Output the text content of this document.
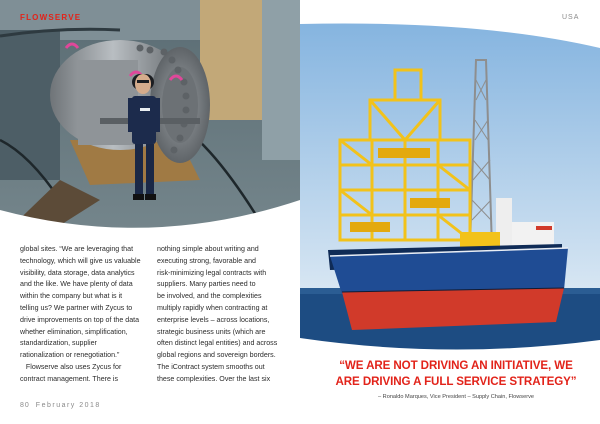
FLOWSERVE	USA
global sites. “We are leveraging that
technology, which will give us valuable
visibility, data storage, data analytics
and the like. We have plenty of data
within the company but what is it
telling us? We partner with Zycus to
drive improvements on top of the data
whether elimination, simplification,
standardization, supplier
rationalization or renegotiation.”
Flowserve also uses Zycus for
contract management. There is
nothing simple about writing and
executing strong, favorable and
risk-minimizing legal contracts with
suppliers. Many parties need to
be involved, and the complexities
multiply rapidly when contracting at
enterprise levels – across locations,
strategic business units (which are
often distinct legal entities) and across
global regions and sovereign borders.
The iContract system smooths out
these complexities. Over the last six
“WE ARE NOT DRIVING AN INITIATIVE, WE
ARE DRIVING A FULL SERVICE STRATEGY”
– Ronaldo Marques, Vice President – Supply Chain, Flowserve
80 February 2018
